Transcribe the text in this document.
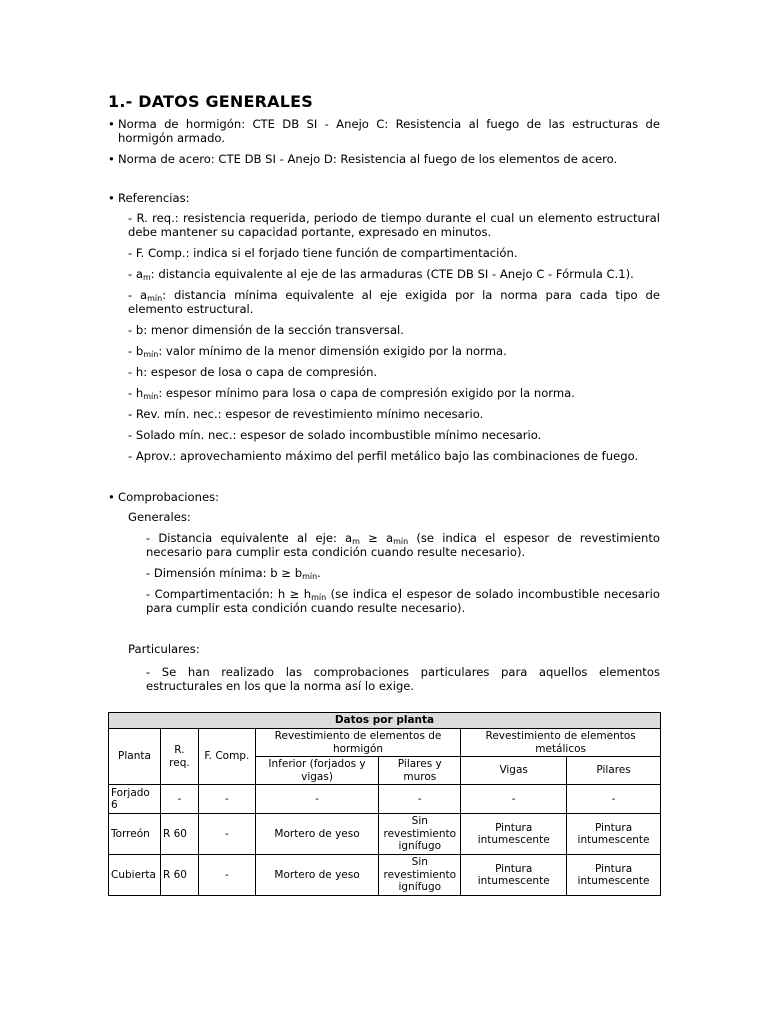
1.- DATOS GENERALES
• Norma de hormigón: CTE DB SI - Anejo C: Resistencia al fuego de las estructuras de hormigón armado.
• Norma de acero: CTE DB SI - Anejo D: Resistencia al fuego de los elementos de acero.
• Referencias:
- R. req.: resistencia requerida, periodo de tiempo durante el cual un elemento estructural debe mantener su capacidad portante, expresado en minutos.
- F. Comp.: indica si el forjado tiene función de compartimentación.
- $a_m$: distancia equivalente al eje de las armaduras (CTE DB SI - Anejo C - Fórmula C.1).
- $a_{mín}$: distancia mínima equivalente al eje exigida por la norma para cada tipo de elemento estructural.
- b: menor dimensión de la sección transversal.
- $b_{mín}$: valor mínimo de la menor dimensión exigido por la norma.
- h: espesor de losa o capa de compresión.
- $h_{mín}$: espesor mínimo para losa o capa de compresión exigido por la norma.
- Rev. mín. nec.: espesor de revestimiento mínimo necesario.
- Solado mín. nec.: espesor de solado incombustible mínimo necesario.
- Aprov.: aprovechamiento máximo del perfil metálico bajo las combinaciones de fuego.
• Comprobaciones:
Generales:
- Distancia equivalente al eje: $a_m \ge a_{mín}$ (se indica el espesor de revestimiento necesario para cumplir esta condición cuando resulte necesario).
- Dimensión mínima: $b \ge b_{mín}$.
- Compartimentación: $h \ge h_{mín}$ (se indica el espesor de solado incombustible necesario para cumplir esta condición cuando resulte necesario).
Particulares:
- Se han realizado las comprobaciones particulares para aquellos elementos estructurales en los que la norma así lo exige.
Datos por planta						
Planta	R. req.	F. Comp.	Revestimiento de elementos de hormigón		Revestimiento de elementos metálicos	
			Inferior (forjados y vigas)	Pilares y muros	Vigas	Pilares
Forjado 6	-	-	-	-	-	-
Torreón	R 60	-	Mortero de yeso	Sin revestimiento ignífugo	Pintura intumescente	Pintura intumescente
Cubierta	R 60	-	Mortero de yeso	Sin revestimiento ignífugo	Pintura intumescente	Pintura intumescente
